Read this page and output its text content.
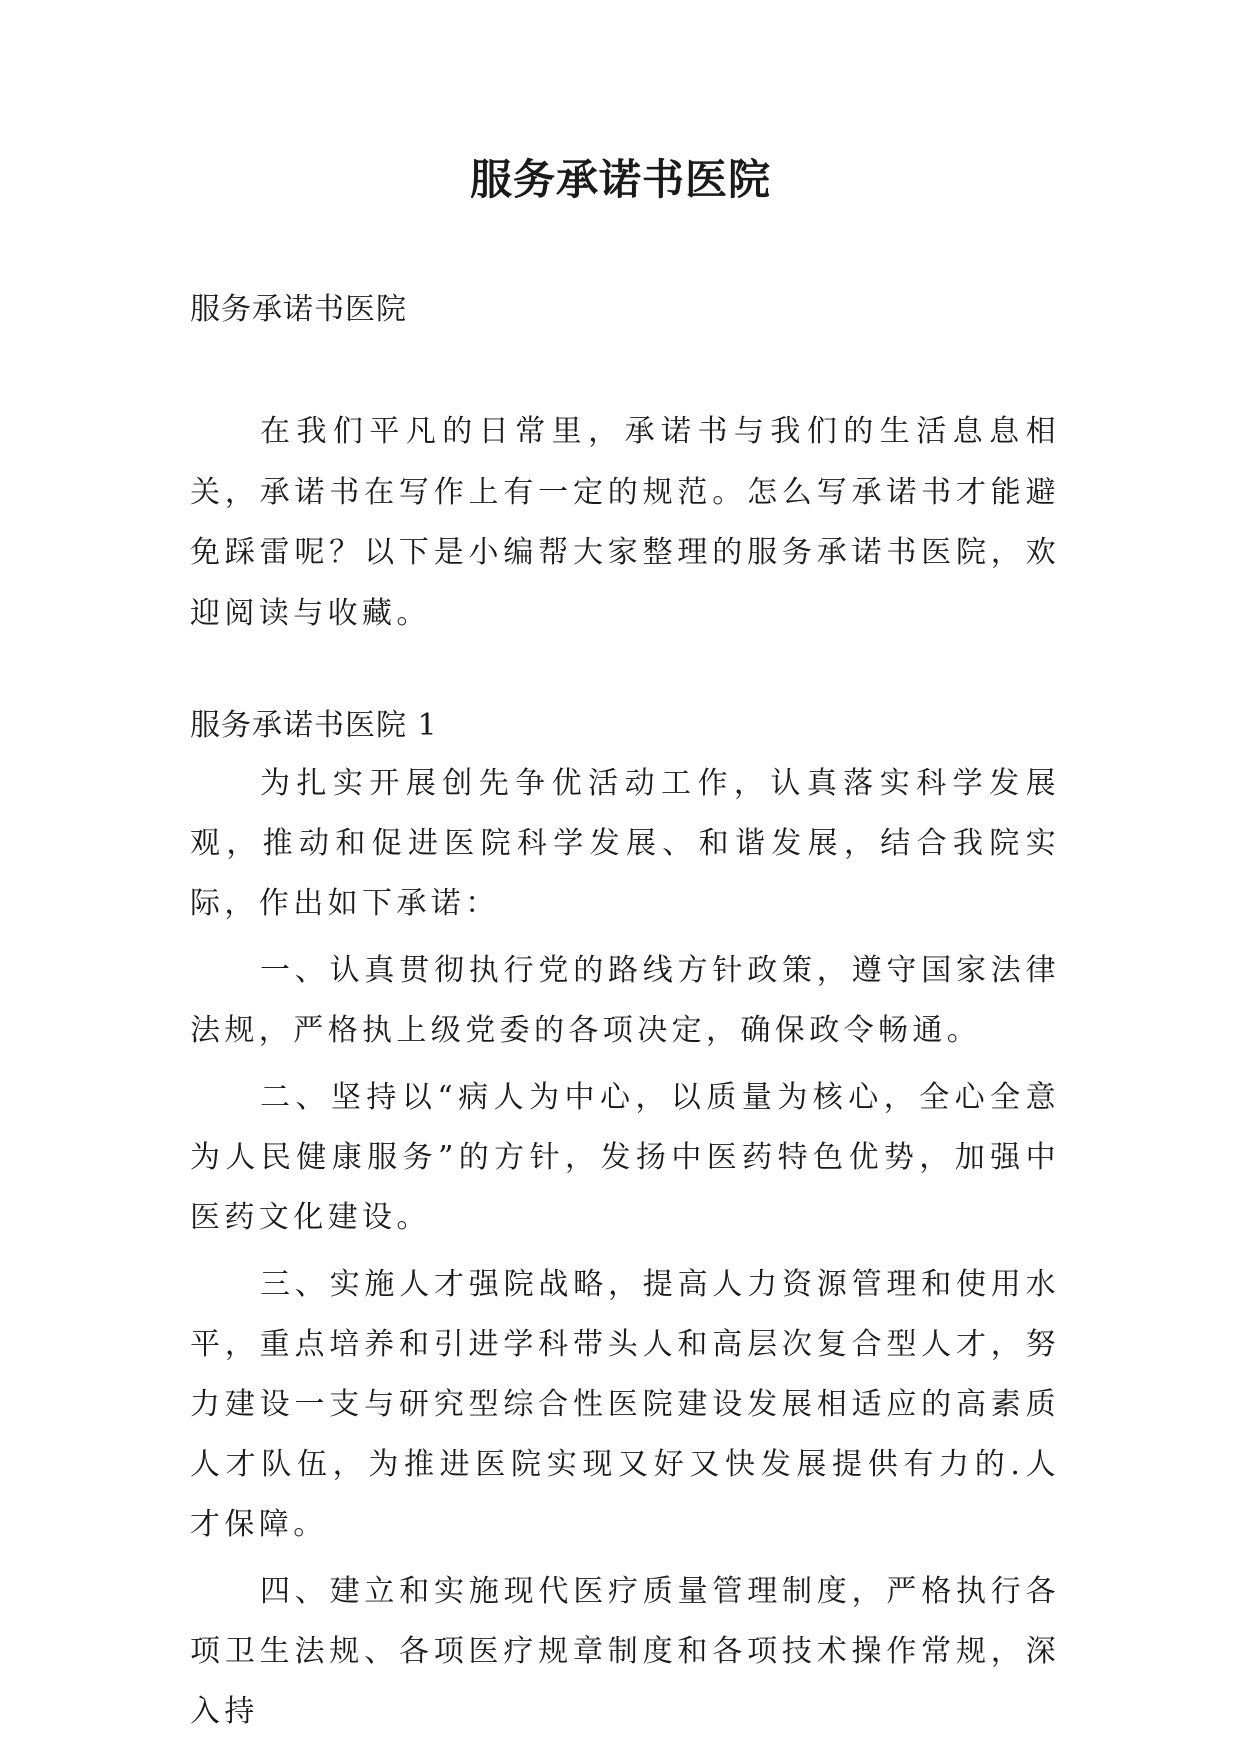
服务承诺书医院
服务承诺书医院

在我们平凡的日常里，承诺书与我们的生活息息相关，承诺书在写作上有一定的规范。怎么写承诺书才能避免踩雷呢？以下是小编帮大家整理的服务承诺书医院，欢迎阅读与收藏。

服务承诺书医院 1

为扎实开展创先争优活动工作，认真落实科学发展观，推动和促进医院科学发展、和谐发展，结合我院实际，作出如下承诺：

一、认真贯彻执行党的路线方针政策，遵守国家法律法规，严格执上级党委的各项决定，确保政令畅通。

二、坚持以“病人为中心，以质量为核心，全心全意为人民健康服务”的方针，发扬中医药特色优势，加强中医药文化建设。

三、实施人才强院战略，提高人力资源管理和使用水平，重点培养和引进学科带头人和高层次复合型人才，努力建设一支与研究型综合性医院建设发展相适应的高素质人才队伍，为推进医院实现又好又快发展提供有力的.人才保障。

四、建立和实施现代医疗质量管理制度，严格执行各项卫生法规、各项医疗规章制度和各项技术操作常规，深入持
